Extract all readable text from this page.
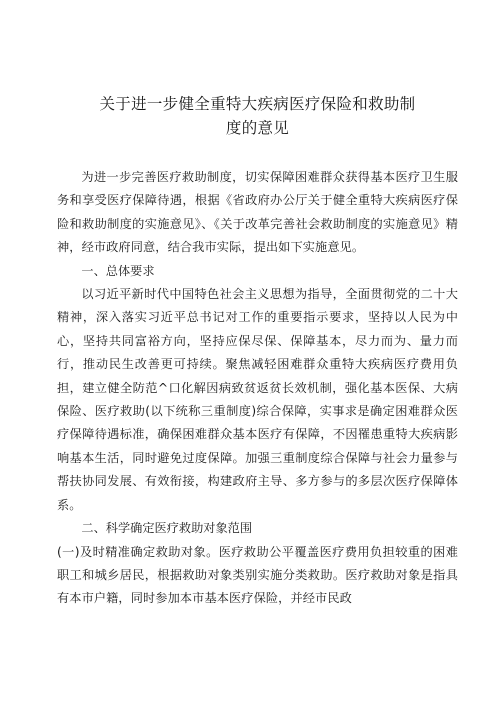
关于进一步健全重特大疾病医疗保险和救助制
度的意见

为进一步完善医疗救助制度，切实保障困难群众获得基本医疗卫生服务和享受医疗保障待遇，根据《省政府办公厅关于健全重特大疾病医疗保险和救助制度的实施意见》、《关于改革完善社会救助制度的实施意见》精神，经市政府同意，结合我市实际，提出如下实施意见。

一、总体要求

以习近平新时代中国特色社会主义思想为指导，全面贯彻党的二十大精神，深入落实习近平总书记对工作的重要指示要求，坚持以人民为中心，坚持共同富裕方向，坚持应保尽保、保障基本，尽力而为、量力而行，推动民生改善更可持续。聚焦减轻困难群众重特大疾病医疗费用负担，建立健全防范^口化解因病致贫返贫长效机制，强化基本医保、大病保险、医疗救助(以下统称三重制度)综合保障，实事求是确定困难群众医疗保障待遇标准，确保困难群众基本医疗有保障，不因罹患重特大疾病影响基本生活，同时避免过度保障。加强三重制度综合保障与社会力量参与帮扶协同发展、有效衔接，构建政府主导、多方参与的多层次医疗保障体系。

二、科学确定医疗救助对象范围

(一)及时精准确定救助对象。医疗救助公平覆盖医疗费用负担较重的困难职工和城乡居民，根据救助对象类别实施分类救助。医疗救助对象是指具有本市户籍，同时参加本市基本医疗保险，并经市民政
